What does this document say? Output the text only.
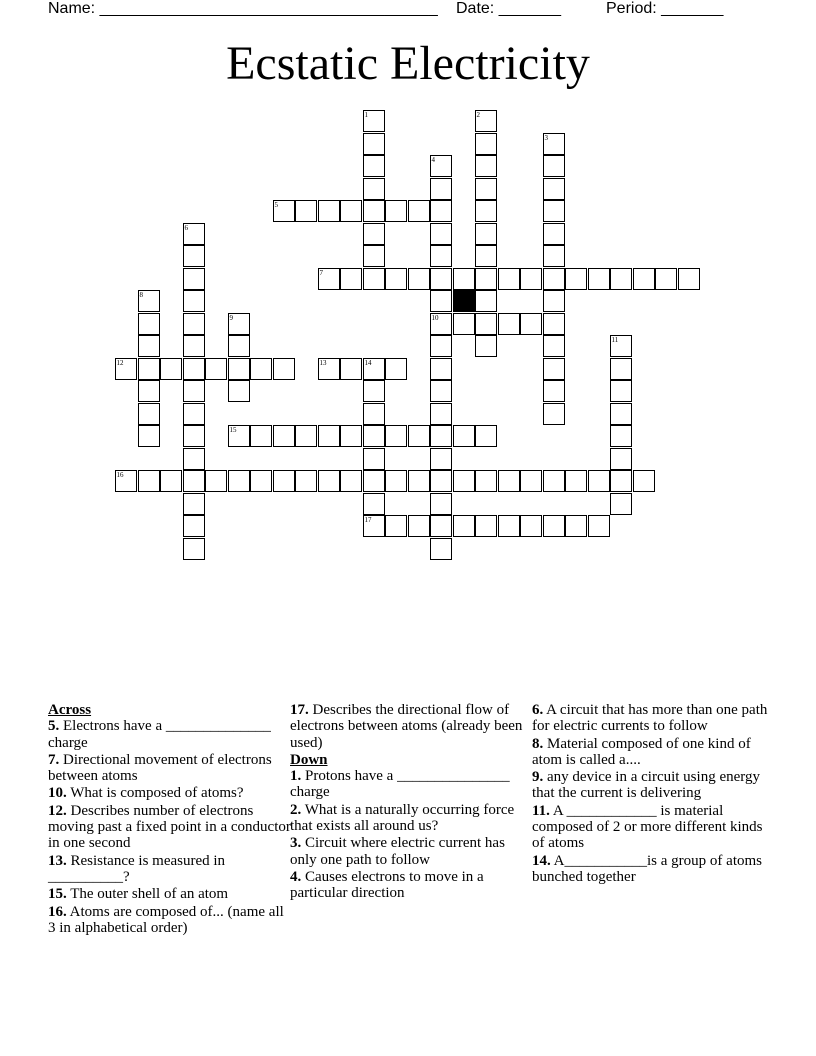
Name: ______________________________________ Date: _______	Period: _______
Ecstatic Electricity
1	2
3
4
5
6
7
8
9	10
11
12	13	14
15
16
17
Across
5. Electrons have a ______________ charge
7. Directional movement of electrons between atoms
10. What is composed of atoms?
12. Describes number of electrons moving past a fixed point in a conductor in one second
13. Resistance is measured in __________?
15. The outer shell of an atom
16. Atoms are composed of... (name all 3 in alphabetical order)
17. Describes the directional flow of electrons between atoms (already been used)
Down
1. Protons have a _______________ charge
2. What is a naturally occurring force that exists all around us?
3. Circuit where electric current has only one path to follow
4. Causes electrons to move in a particular direction
6. A circuit that has more than one path for electric currents to follow
8. Material composed of one kind of atom is called a....
9. any device in a circuit using energy that the current is delivering
11. A ____________ is material composed of 2 or more different kinds of atoms
14. A___________is a group of atoms bunched together
